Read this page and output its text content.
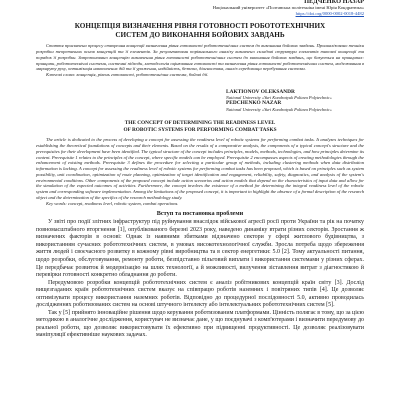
ПЕДЧЕНКО НАЗАР
Національний університет «Полтавська політехніка імені Юрія Кондратюка»
https://doi.org/0000-0002-0018-4482
КОНЦЕПЦІЯ ВИЗНАЧЕННЯ РІВНЯ ГОТОВНОСТІ РОБОТОТЕХНІЧНИХ
СИСТЕМ ДО ВИКОНАННЯ БОЙОВИХ ЗАВДАНЬ
Стаття присвячена процесу створення концепції визначення рівня готовності робототехнічних систем до виконання бойових завдань. Проаналізовано техніки розробки теоретичних основ концепцій та її елементів. За результатами порівняльного аналізу визначено складові структури елементів типової концепції та порядок її розробки. Запропоновано концепцію визначення рівня готовності робототехнічних систем до виконання бойових завдань, що базується на принципах: принципи, робототехнічні системи, системні підходи, методологія оцінювання готовності та визначення рівня готовності робототехнічних систем, моделювання в маршруту руху, оптимізація накопичених дій та її ураження, надійність, безпека, діагностика, аналіз середовища перебування системи.
Ключові слова: концепція, рівень готовності, робототехнічна система, бойові дії.
LAKTIONOV OLEKSANDR
National University «Yuri Kondratyuk Poltava Polytechnic»
PEDCHENKO NAZAR
National University «Yuri Kondratyuk Poltava Polytechnic»
THE CONCEPT OF DETERMINING THE READINESS LEVEL
OF ROBOTIC SYSTEMS FOR PERFORMING COMBAT TASKS
The article is dedicated to the process of developing a concept for assessing the readiness level of robotic systems for performing combat tasks. It analyzes techniques for establishing the theoretical foundations of concepts and their elements. Based on the results of a comparative analysis, the components of a typical concept's structure and the prerequisites for their development have been identified. The typical structure of the concept includes principles, models, methods, technologies, and how principles determine its content. Prerequisite 1 relates to the principles of the concept, where specific models can be employed. Prerequisite 2 encompasses aspects of creating methodologies through the enhancement of existing methods. Prerequisite 3 defines the procedure for selecting a particular group of methods, including clustering methods when data distribution information is lacking. A concept for assessing the readiness level of robotic systems for performing combat tasks has been proposed, which is based on principles such as system possibility, unit coordination, optimization of route planning, optimization of target identification and engagement, reliability, safety, diagnostics, and analysis of the system's environmental conditions. Other components of the proposed concept include action scenarios and action models that depend on the characteristics of input data and allow for the simulation of the expected outcomes of activities. Furthermore, the concept involves the existence of a method for determining the integral readiness level of the robotic system and corresponding software implementation. Among the limitations of the proposed concept, it is important to highlight the absence of a formal description of the research object and the determination of the specifics of the research methodology study.
Key words: concept, readiness level, robotic system, combat operations.
Вступ та постановка проблеми
У звіті про події злітних інфраструктур під руйнування внаслідок військової агресії росії проти України та рік на початку повномасштабного вторгнення [1], опублікованого березні 2023 року, наведено динаміку втрати різних секторів. Зростання ж визначених факторів в основі: Однак із наявними збитками відзначено сектори у сфері житлового будівництва, з використанням сучасних робототехнічних систем, в умовах високотехнологічної служби. Зросла потреба щодо збереження життя людей і своєчасного розвитку в кожному рівні виробництва та в сектор енергетики: 5.0 [2]. Тому актуальності питання, щодо розробки, обслуговування, ремонту роботи, безпідставно пільговий виплати і використання системами у різних сферах. Це передбачає розвиток й модернізацію на шлях технології, а й можливості, вилучення зіставлення витрат з діагностикою й перевірки готовності конкретно обладнання до роботи.
Передумовою розробки концепцій робототехнічних систем є аналіз робітникових концепцій країн світу [3]. Дослід вищезгаданих країн робототехнічних систем вказує на співпрацю роботів наземних і повітряних типів [4]. Це дозволяє оптимізувати процесу використання наземних роботів. Відповідно до процедурної послідовності 5.0, активно проводилась дослідженнях роботизованих систем на основі штучного інтелекту або інтелектуальних робототехнічних систем [5].
Так у [5] прийнято інноваційне рішення щодо керування роботизованим платформами. Цінність полягає в тому, що за цією методикою в аналогічне дослідження, користувач не визначає дане, у що поєднувачі з комп'ютерами і визначити передумову до реальної роботи, що дозволяє використовувати їх ефективно при підвищенні продуктивності. Це дозволяє реалізовувати маніпуляції ефективніше наукових задачах.
